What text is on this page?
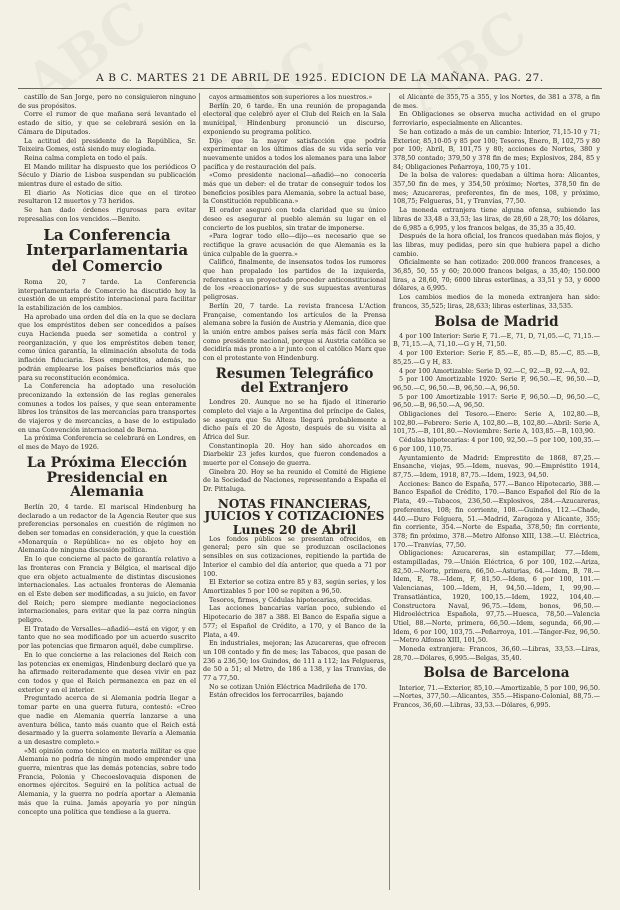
A B C. MARTES 21 DE ABRIL DE 1925. EDICION DE LA MAÑANA. PAG. 27.

castillo de San Jorge, pero no consiguieron ninguno de sus propósitos.

Corre el rumor de que mañana será levantado el estado de sitio, y que se celebrará sesión en la Cámara de Diputados.

La actitud del presidente de la República, Sr. Teixeira Gomes, está siendo muy elogiada.

Reina calma completa en todo el país.

El Mando militar ha dispuesto que los periódicos O Século y Diario de Lisboa suspendan su publicación mientras dure el estado de sitio.

El diario As Noticias dice que en el tiroteo resultaron 12 muertos y 73 heridos.

Se han dado órdenes rigurosas para evitar represalias con los vencidos.—Benito.

La Conferencia Interparlamentaria del Comercio

Roma 20, 7 tarde. La Conferencia interparlamentaria de Comercio ha discutido hoy la cuestión de un empréstito internacional para facilitar la estabilización de los cambios.

Ha aprobado una orden del día en la que se declara que los empréstitos deben ser concedidos a países cuya Hacienda pueda ser sometida a control y reorganización, y que los empréstitos deben tener, como única garantía, la eliminación absoluta de toda inflación fiduciaria. Esos empréstitos, además, no podrán emplearse los países beneficiarios más que para su reconstitución económica.

La Conferencia ha adoptado una resolución preconizando la extensión de las reglas generales comunes a todos los países, y que sean enteramente libres los tránsitos de las mercancías para transportes de viajeros y de mercancías, a base de lo estipulado en una Convención internacional de Berna.

La próxima Conferencia se celebrará en Londres, en el mes de Mayo de 1926.

La Próxima Elección Presidencial en Alemania

Berlín 20, 4 tarde. El mariscal Hindenburg ha declarado a un redactor de la Agencia Reuter que sus preferencias personales en cuestión de régimen no deben ser tomadas en consideración, y que la cuestión «Monarquía o República» no es objeto hoy en Alemania de ninguna discusión política.

En lo que concierne al pacto de garantía relativo a las fronteras con Francia y Bélgica, el mariscal dijo que era objeto actualmente de distintas discusiones internacionales. Las actuales fronteras de Alemania en el Este deben ser modificadas, a su juicio, en favor del Reich; pero siempre mediante negociaciones internacionales, para evitar que la paz corra ningún peligro.

El Tratado de Versalles—añadió—está en vigor, y en tanto que no sea modificado por un acuerdo suscrito por las potencias que firmaron aquél, debe cumplirse.

En lo que concierne a las relaciones del Reich con las potencias ex enemigas, Hindenburg declaró que ya ha afirmado reiteradamente que desea vivir en paz con todos y que el Reich permanezca en paz en el exterior y en el interior.

Preguntado acerca de si Alemania podría llegar a tomar parte en una guerra futura, contestó: «Creo que nadie en Alemania querría lanzarse a una aventura bélica, tanto más cuanto que el Reich está desarmado y la guerra solamente llevaría a Alemania a un desastre completo.»

«Mi opinión como técnico en materia militar es que Alemania no podría de ningún modo emprender una guerra, mientras que las demás potencias, sobre todo Francia, Polonia y Checoeslovaquia disponen de enormes ejércitos. Seguiré en la política actual de Alemania, y la guerra no podría aportar a Alemania más que la ruina. Jamás apoyaría yo por ningún concepto una política que tendiese a la guerra.

cayos armamentos son superiores a los nuestros.»

Berlín 20, 6 tarde. En una reunión de propaganda electoral que celebró ayer el Club del Reich en la Sala municipal, Hindenburg pronunció un discurso, exponiendo su programa político.

Dijo que la mayor satisfacción que podría experimentar en los últimos días de su vida sería ver nuevamente unidos a todos los alemanes para una labor pacífica y de restauración del país.

«Como presidente nacional—añadió—no conocería más que un deber: el de tratar de conseguir todos los beneficios posibles para Alemania, sobre la actual base, la Constitución republicana.»

El orador aseguró con toda claridad que su único deseo es asegurar al pueblo alemán su lugar en el concierto de los pueblos, sin tratar de imponerse.

«Para lograr todo ello—dijo—es necesario que se rectifique la grave acusación de que Alemania es la única culpable de la guerra.»

Calificó, finalmente, de insensatos todos los rumores que han propalado los partidos de la izquierda, referentes a un proyectado proceder anticonstitucional de los «reaccionarios» y de sus supuestas aventuras peligrosas.

Berlín 20, 7 tarde. La revista francesa L'Action Française, comentando los artículos de la Prensa alemana sobre la fusión de Austria y Alemania, dice que la unión entre ambos países sería más fácil con Marx como presidente nacional, porque si Austria católica se decidiría más pronto a ir junto con el católico Marx que con el protestante von Hindenburg.

Resumen Telegráfico del Extranjero

Londres 20. Aunque no se ha fijado el itinerario completo del viaje a la Argentina del príncipe de Gales, se asegura que Su Alteza llegará probablemente a dicho país el 20 de Agosto, después de su visita al África del Sur.

Constantinopla 20. Hoy han sido ahorcados en Diarbekir 23 jefes kurdos, que fueron condenados a muerte por el Consejo de guerra.

Ginebra 20. Hoy se ha reunido el Comité de Higiene de la Sociedad de Naciones, representando a España el Dr. Pittaluga.

NOTAS FINANCIERAS, JUICIOS Y COTIZACIONES
Lunes 20 de Abril

Los fondos públicos se presentan ofrecidos, en general; pero sin que se produzcan oscilaciones sensibles en sus cotizaciones, repitiendo la partida de Interior el cambio del día anterior, que queda a 71 por 100.

El Exterior se cotiza entre 85 y 83, según series, y los Amortizables 5 por 100 se repiten a 96,50.

Tesoros, firmes, y Cédulas hipotecarias, ofrecidas.

Las acciones bancarias varían poco, subiendo el Hipotecario de 387 a 388. El Banco de España sigue a 577; el Español de Crédito, a 170, y el Banco de la Plata, a 49.

En industriales, mejoran; las Azucareras, que ofrecen un 108 contado y fin de mes; las Tabacos, que pasan de 236 a 236,50; los Guindos, de 111 a 112; las Felgueras, de 50 a 51; el Metro, de 186 a 138, y las Tranvías, de 77 a 77,50.

No se cotizan Unión Eléctrica Madrileña de 170.

Están ofrecidos los ferrocarriles, bajando

el Alicante de 355,75 a 355, y los Nortes, de 381 a 378, a fin de mes.

En Obligaciones se observa mucha actividad en el grupo ferroviario, especialmente en Alicantes.

Se han cotizado a más de un cambio: Interior, 71,15-10 y 71; Exterior, 85,10-05 y 85 por 100; Tesoros, Enero, B, 102,75 y 80 por 100; Abril, B, 101,75 y 80; acciones de Nortes, 380 y 378,50 contado; 379,50 y 378 fin de mes; Explosivos, 284, 85 y 84; Obligaciones Peñarroya, 100,75 y 101.

De la bolsa de valores: quedaban a última hora: Alicantes, 357,50 fin de mes, y 354,50 próximo; Nortes, 378,50 fin de mes; Azucareras, preferentes, fin de mes, 108, y próximo, 108,75; Felgueras, 51, y Tranvías, 77,50.

La moneda extranjera tiene alguna ofensa, subiendo las libras de 33,48 a 33,53; las liras, de 28,60 a 28,70; los dólares, de 6,985 a 6,995, y los francos belgas, de 35,35 a 35,40.

Después de la hora oficial, los francos quedaban más flojos, y las libras, muy pedidas, pero sin que hubiera papel a dicho cambio.

Oficialmente se han cotizado: 200.000 francos franceses, a 36,85, 50, 55 y 60; 20.000 francos belgas, a 35,40; 150.000 liras, a 28,60, 70; 6000 libras esterlinas, a 33,51 y 53, y 6000 dólares, a 6,995.

Los cambios medios de la moneda extranjera han sido: francos, 35,525; liras, 28,633; libras esterlinas, 33,535.

Bolsa de Madrid

4 por 100 Interior: Serie F, 71.—E, 71, D, 71,05.—C, 71,15.—B, 71,15.—A, 71,10.—G y H, 71,50.

4 por 100 Exterior: Serie F, 85.—E, 85.—D, 85.—C, 85.—B, 85,25.—G y H, 83.

4 por 100 Amortizable: Serie D, 92.—C, 92.—B, 92.—A, 92.

5 por 100 Amortizable 1920: Serie F, 96,50.—E, 96,50.—D, 96,50.—C, 96,50.—B, 96,50.—A, 96,50.

5 por 100 Amortizable 1917: Serie F, 96,50.—D, 96,50.—C, 96,50.—B, 96,50.—A, 96,50.

Obligaciones del Tesoro.—Enero: Serie A, 102,80.—B, 102,80.—Febrero: Serie A, 102,80.—B, 102,80.—Abril: Serie A, 101,75.—B, 101,80.—Noviembre: Serie A, 103,85.—B, 103,90.

Cédulas hipotecarias: 4 por 100, 92,50.—5 por 100, 100,35.—6 por 100, 110,75.

Ayuntamiento de Madrid: Emprestito de 1868, 87,25.—Ensanche, viejas, 95.—Idem, nuevas, 90.—Empréstito 1914, 87,75.—Idem, 1918, 87,75.—Idem, 1923, 94,50.

Acciones: Banco de España, 577.—Banco Hipotecario, 388.—Banco Español de Crédito, 170.—Banco Español del Río de la Plata, 49.—Tabacos, 236,50.—Explosivos, 284.—Azucareras, preferentes, 108; fin corriente, 108.—Guindos, 112.—Chade, 440.—Duro Felguera, 51.—Madrid, Zaragoza y Alicante, 355; fin corriente, 354.—Norte de España, 378,50; fin corriente, 378; fin próximo, 378.—Metro Alfonso XIII, 138.—U. Eléctrica, 170.—Tranvías, 77,50.

Obligaciones: Azucareras, sin estampillar, 77.—Idem, estampilladas, 79.—Unión Eléctrica, 6 por 100, 102.—Ariza, 82,50.—Norte, primera, 66,50.—Asturias, 64.—Idem, B, 78.—Idem, E, 78.—Idem, F, 81,50.—Idem, 6 por 100, 101.—Valencianas, 100.—Idem, H, 94,50.—Idem, I, 99,90.—Transatlántica, 1920, 100,15.—Idem, 1922, 104,40.—Constructora Naval, 96,75.—Idem, bonos, 96,50.—Hidroeléctrica Española, 97,75.—Huesca, 78,50.—Valencia Utiel, 88.—Norte, primera, 66,50.—Idem, segunda, 66,90.—Idem, 6 por 100, 103,75.—Peñarroya, 101.—Tánger-Fez, 96,50.—Metro Alfonso XIII, 101,50.

Moneda extranjera: Francos, 36,60.—Libras, 33,53.—Liras, 28,70.—Dólares, 6,995.—Belgas, 35,40.

Bolsa de Barcelona

Interior, 71.—Exterior, 85,10.—Amortizable, 5 por 100, 96,50.—Nortes, 377,50.—Alicantes, 355.—Hispano-Colonial, 88,75.—Francos, 36,60.—Libras, 33,53.—Dólares, 6,995.
